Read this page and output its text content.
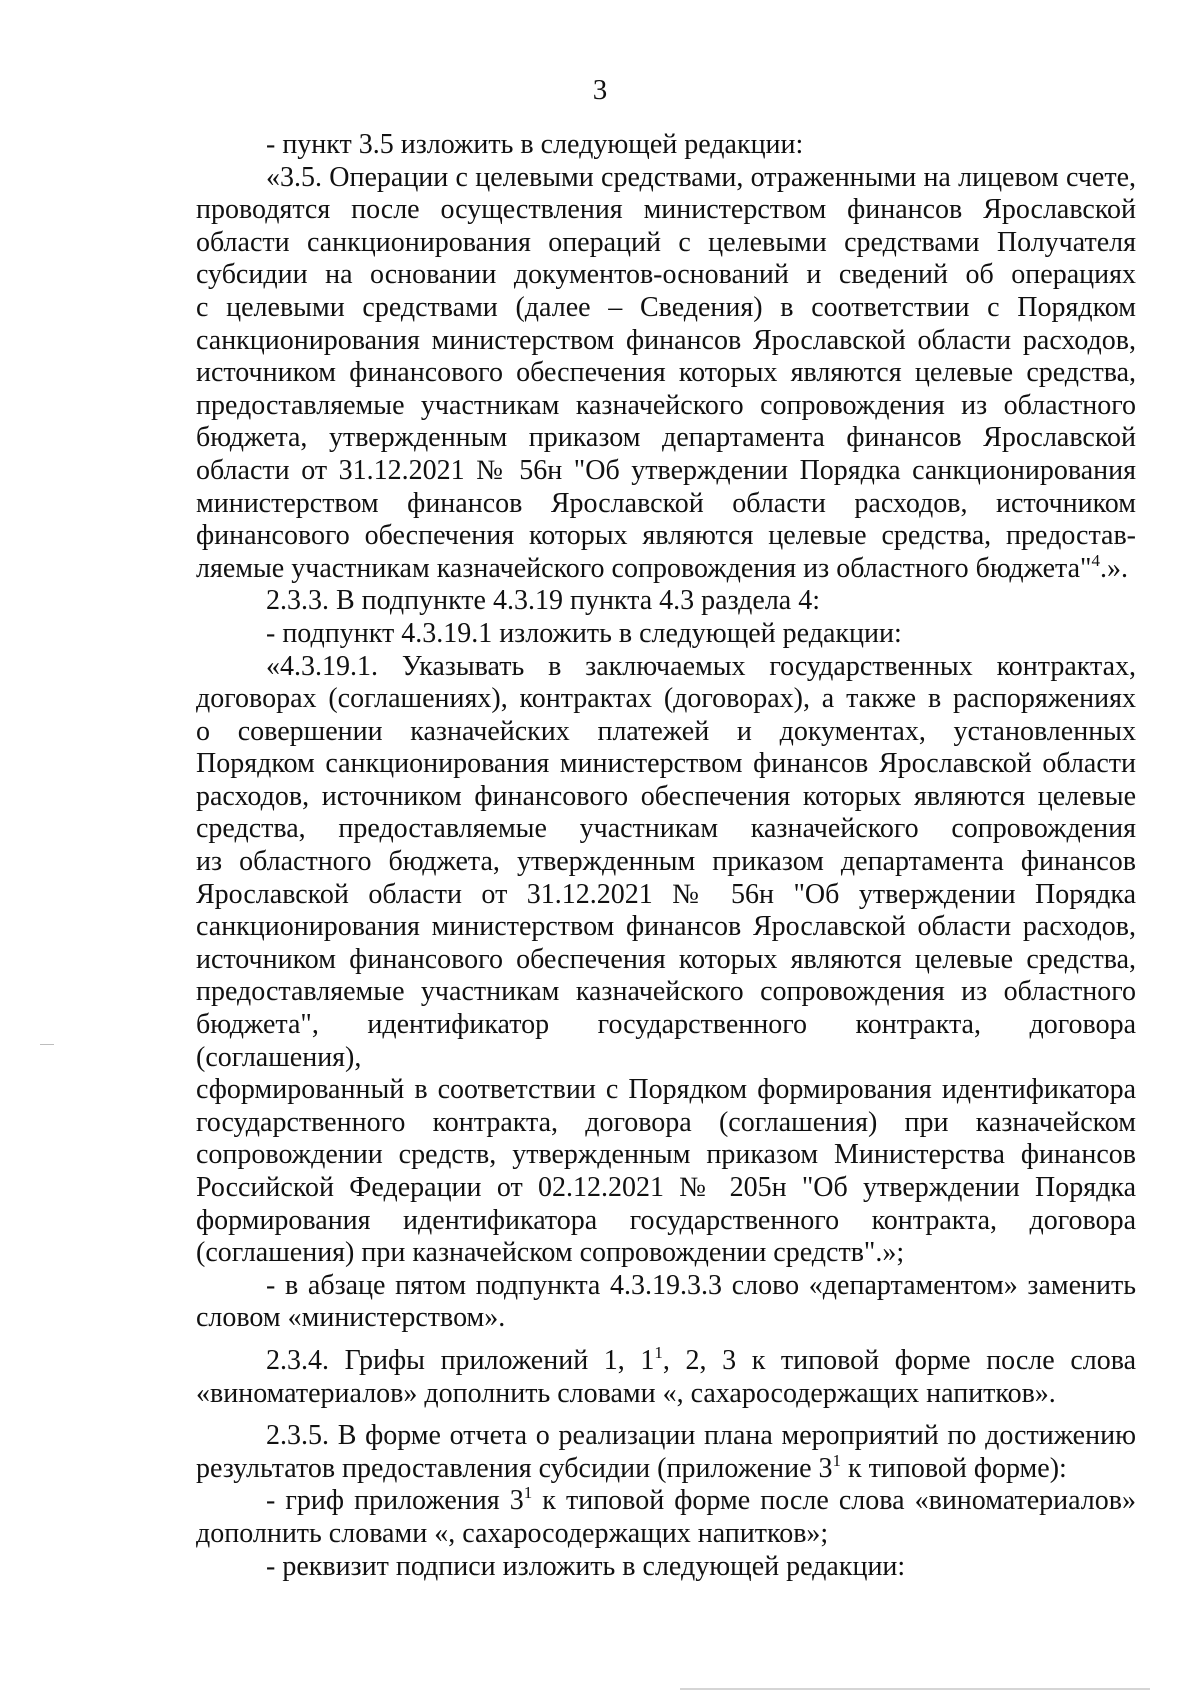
3
- пункт 3.5 изложить в следующей редакции:
«3.5. Операции с целевыми средствами, отраженными на лицевом счете,
проводятся после осуществления министерством финансов Ярославской
области санкционирования операций с целевыми средствами Получателя
субсидии на основании документов-оснований и сведений об операциях
с целевыми средствами (далее – Сведения) в соответствии с Порядком
санкционирования министерством финансов Ярославской области расходов,
источником финансового обеспечения которых являются целевые средства,
предоставляемые участникам казначейского сопровождения из областного
бюджета, утвержденным приказом департамента финансов Ярославской
области от 31.12.2021 № 56н "Об утверждении Порядка санкционирования
министерством финансов Ярославской области расходов, источником
финансового обеспечения которых являются целевые средства, предостав-
ляемые участникам казначейского сопровождения из областного бюджета"$^4$.».
2.3.3. В подпункте 4.3.19 пункта 4.3 раздела 4:
- подпункт 4.3.19.1 изложить в следующей редакции:
«4.3.19.1. Указывать в заключаемых государственных контрактах,
договорах (соглашениях), контрактах (договорах), а также в распоряжениях
о совершении казначейских платежей и документах, установленных
Порядком санкционирования министерством финансов Ярославской области
расходов, источником финансового обеспечения которых являются целевые
средства, предоставляемые участникам казначейского сопровождения
из областного бюджета, утвержденным приказом департамента финансов
Ярославской области от 31.12.2021 № 56н "Об утверждении Порядка
санкционирования министерством финансов Ярославской области расходов,
источником финансового обеспечения которых являются целевые средства,
предоставляемые участникам казначейского сопровождения из областного
бюджета", идентификатор государственного контракта, договора (соглашения),
сформированный в соответствии с Порядком формирования идентификатора
государственного контракта, договора (соглашения) при казначейском
сопровождении средств, утвержденным приказом Министерства финансов
Российской Федерации от 02.12.2021 № 205н "Об утверждении Порядка
формирования идентификатора государственного контракта, договора
(соглашения) при казначейском сопровождении средств".»;
- в абзаце пятом подпункта 4.3.19.3.3 слово «департаментом» заменить
словом «министерством».
2.3.4. Грифы приложений 1, $1^1$, 2, 3 к типовой форме после слова
«виноматериалов» дополнить словами «, сахаросодержащих напитков».
2.3.5. В форме отчета о реализации плана мероприятий по достижению
результатов предоставления субсидии (приложение $3^1$ к типовой форме):
- гриф приложения $3^1$ к типовой форме после слова «виноматериалов»
дополнить словами «, сахаросодержащих напитков»;
- реквизит подписи изложить в следующей редакции:
